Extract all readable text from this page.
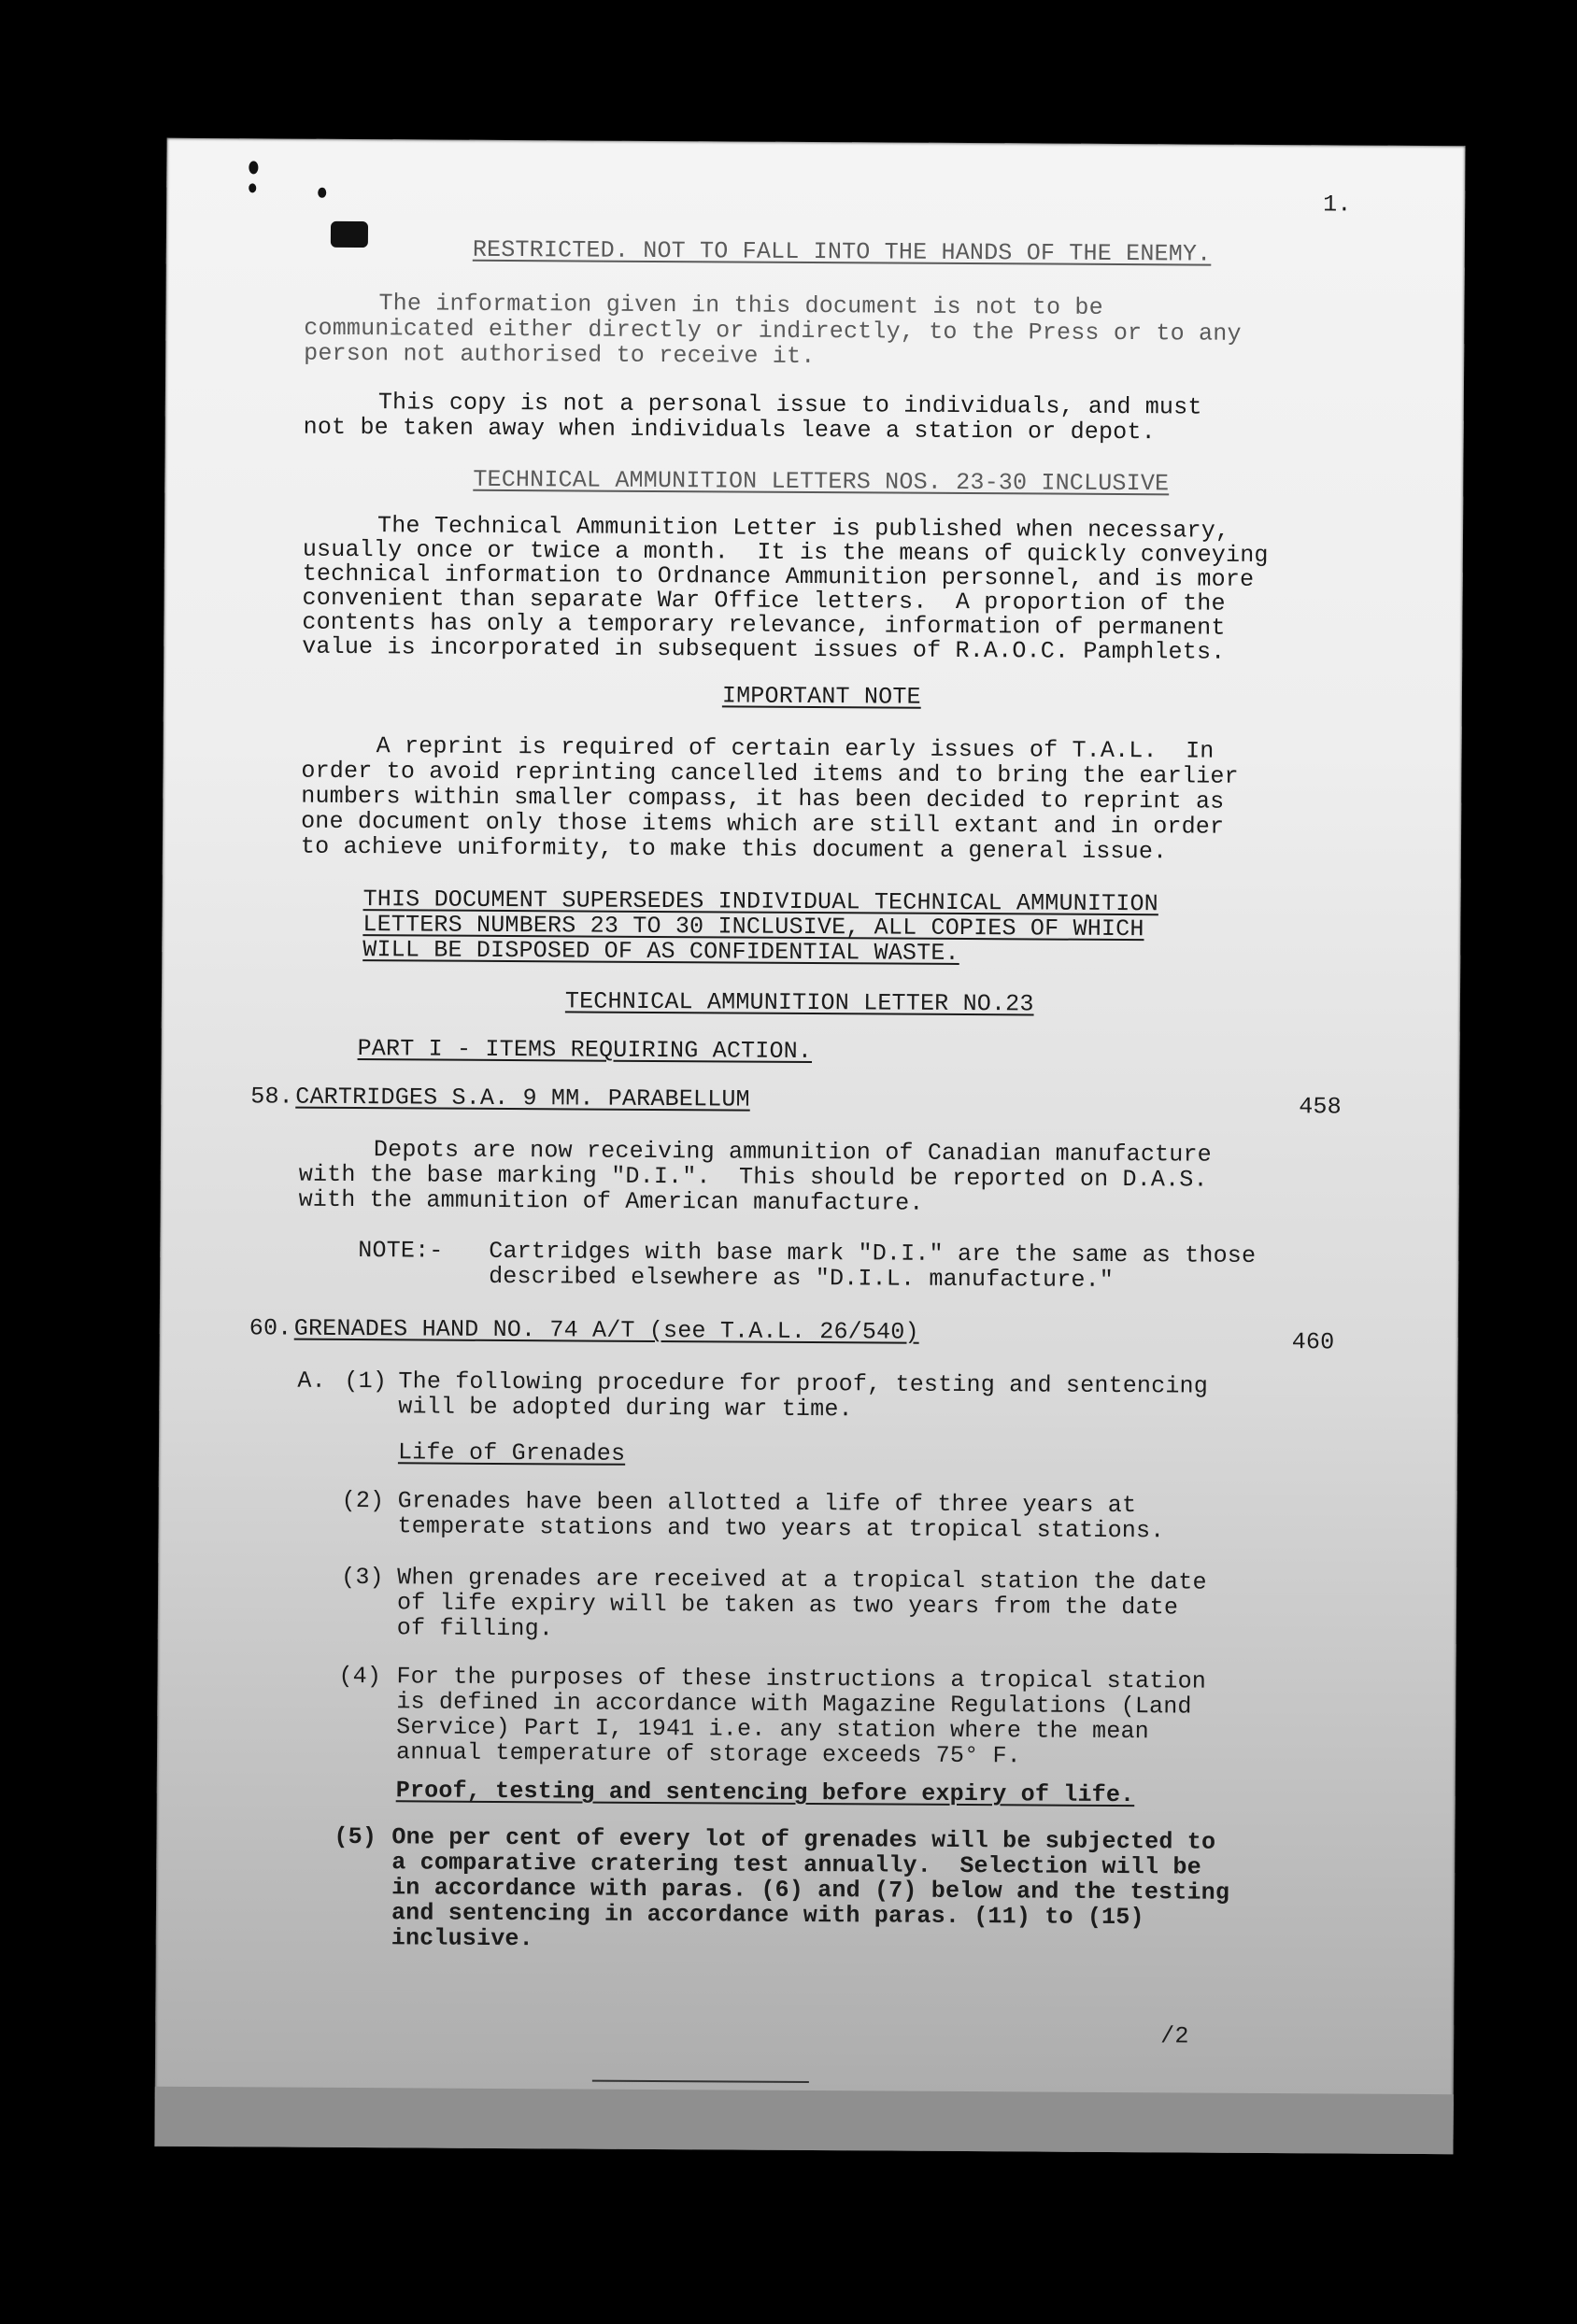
1.
RESTRICTED. NOT TO FALL INTO THE HANDS OF THE ENEMY.
The information given in this document is not to be
communicated either directly or indirectly, to the Press or to any
person not authorised to receive it.
This copy is not a personal issue to individuals, and must
not be taken away when individuals leave a station or depot.
TECHNICAL AMMUNITION LETTERS NOS. 23-30 INCLUSIVE
The Technical Ammunition Letter is published when necessary,
usually once or twice a month.  It is the means of quickly conveying
technical information to Ordnance Ammunition personnel, and is more
convenient than separate War Office letters.  A proportion of the
contents has only a temporary relevance, information of permanent
value is incorporated in subsequent issues of R.A.O.C. Pamphlets.
IMPORTANT NOTE
A reprint is required of certain early issues of T.A.L.  In
order to avoid reprinting cancelled items and to bring the earlier
numbers within smaller compass, it has been decided to reprint as
one document only those items which are still extant and in order
to achieve uniformity, to make this document a general issue.
THIS DOCUMENT SUPERSEDES INDIVIDUAL TECHNICAL AMMUNITION
LETTERS NUMBERS 23 TO 30 INCLUSIVE, ALL COPIES OF WHICH
WILL BE DISPOSED OF AS CONFIDENTIAL WASTE.
TECHNICAL AMMUNITION LETTER NO.23
PART I - ITEMS REQUIRING ACTION.
58. CARTRIDGES S.A. 9 MM. PARABELLUM	458
Depots are now receiving ammunition of Canadian manufacture
with the base marking "D.I.".  This should be reported on D.A.S.
with the ammunition of American manufacture.
NOTE:- Cartridges with base mark "D.I." are the same as those
described elsewhere as "D.I.L. manufacture."
60. GRENADES HAND NO. 74 A/T (see T.A.L. 26/540)	460
A. (1) The following procedure for proof, testing and sentencing
will be adopted during war time.
Life of Grenades
(2) Grenades have been allotted a life of three years at
temperate stations and two years at tropical stations.
(3) When grenades are received at a tropical station the date
of life expiry will be taken as two years from the date
of filling.
(4) For the purposes of these instructions a tropical station
is defined in accordance with Magazine Regulations (Land
Service) Part I, 1941 i.e. any station where the mean
annual temperature of storage exceeds 75° F.
Proof, testing and sentencing before expiry of life.
(5) One per cent of every lot of grenades will be subjected to
a comparative cratering test annually.  Selection will be
in accordance with paras. (6) and (7) below and the testing
and sentencing in accordance with paras. (11) to (15)
inclusive.
/2
